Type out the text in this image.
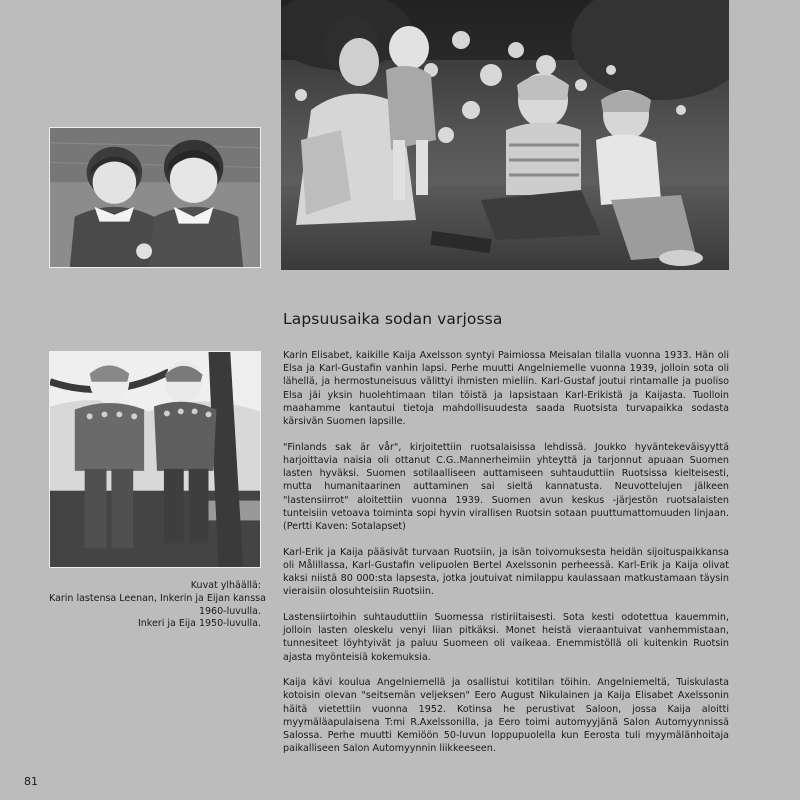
Lapsuusaika sodan varjossa

Karin Elisabet, kaikille Kaija Axelsson syntyi Paimiossa Meisalan tilalla vuonna 1933. Hän oli Elsa ja Karl-Gustafin vanhin lapsi. Perhe muutti Angelniemelle vuonna 1939, jolloin sota oli lähellä, ja hermostuneisuus välittyi ihmisten mieliin. Karl-Gustaf joutui rintamalle ja puoliso Elsa jäi yksin huolehtimaan tilan töistä ja lapsistaan Karl-Erikistä ja Kaijasta. Tuolloin maahamme kantautui tietoja mahdollisuudesta saada Ruotsista turvapaikka sodasta kärsivän Suomen lapsille.

"Finlands sak är vår", kirjoitettiin ruotsalaisissa lehdissä. Joukko hyväntekeväisyyttä harjoittavia naisia oli ottanut C.G..Mannerheimiin yhteyttä ja tarjonnut apuaan Suomen lasten hyväksi. Suomen sotilaalliseen auttamiseen suhtauduttiin Ruotsissa kielteisesti, mutta humanitaarinen auttaminen sai sieltä kannatusta. Neuvottelujen jälkeen "lastensiirrot" aloitettiin vuonna 1939. Suomen avun keskus -järjestön ruotsalaisten tunteisiin vetoava toiminta sopi hyvin virallisen Ruotsin sotaan puuttumattomuuden linjaan. (Pertti Kaven: Sotalapset)

Karl-Erik ja Kaija pääsivät turvaan Ruotsiin, ja isän toivomuksesta heidän sijoituspaikkansa oli Målillassa, Karl-Gustafin velipuolen Bertel Axelssonin perheessä. Karl-Erik ja Kaija olivat kaksi niistä 80 000:sta lapsesta, jotka joutuivat nimilappu kaulassaan matkustamaan täysin vieraisiin olosuhteisiin Ruotsiin.

Lastensiirtoihin suhtauduttiin Suomessa ristiriitaisesti. Sota kesti odotettua kauemmin, jolloin lasten oleskelu venyi liian pitkäksi. Monet heistä vieraantuivat vanhemmistaan, tunnesiteet löyhtyivät ja paluu Suomeen oli vaikeaa. Enemmistöllä oli kuitenkin Ruotsin ajasta myönteisiä kokemuksia.

Kaija kävi koulua Angelniemellä ja osallistui kotitilan töihin. Angelniemeltä, Tuiskulasta kotoisin olevan "seitsemän veljeksen" Eero August Nikulainen ja Kaija Elisabet Axelssonin häitä vietettiin vuonna 1952. Kotinsa he perustivat Saloon, jossa Kaija aloitti myymäläapulaisena T:mi R.Axelssonilla, ja Eero toimi automyyjänä Salon Automyynnissä Salossa. Perhe muutti Kemiöön 50-luvun loppupuolella kun Eerosta tuli myymälänhoitaja paikalliseen Salon Automyynnin liikkeeseen.

Kuvat ylhäällä:
Karin lastensa Leenan, Inkerin ja Eijan kanssa
1960-luvulla.
Inkeri ja Eija 1950-luvulla.
81
